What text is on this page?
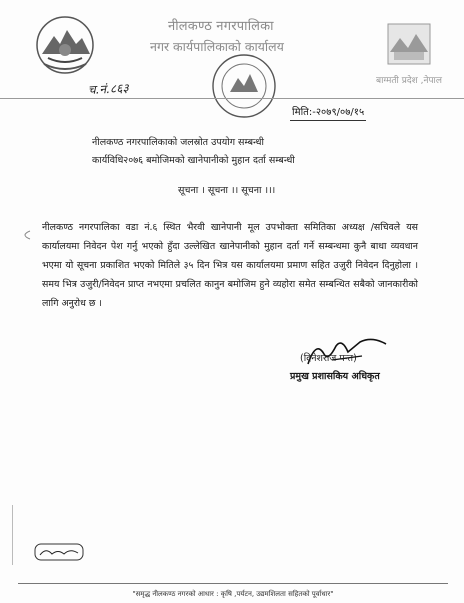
नीलकण्ठ नगरपालिका
नगर कार्यपालिकाको कार्यालय
बाग्मती प्रदेश ,नेपाल
च.नं.८६३
मिति:-२०७९/०७/१५
नीलकण्ठ नगरपालिकाको जलस्रोत उपयोग सम्बन्धी
कार्यविधि२०७६ बमोजिमको खानेपानीको मुहान दर्ता सम्बन्धी
सूचना । सूचना ।। सूचना ।।।
नीलकण्ठ नगरपालिका वडा नं.६ स्थित भैरवी खानेपानी मूल उपभोक्ता समितिका अध्यक्ष /सचिवले यस कार्यालयमा निवेदन पेश गर्नु भएको हुँदा उल्लेखित खानेपानीको मुहान दर्ता गर्ने सम्बन्धमा कुनै बाधा व्यवधान भएमा यो सूचना प्रकाशित भएको मितिले ३५ दिन भित्र यस कार्यालयमा प्रमाण सहित उजुरी निवेदन दिनुहोला । समय भित्र उजुरी/निवेदन प्राप्त नभएमा प्रचलित कानुन बमोजिम हुने व्यहोरा समेत सम्बन्धित सबैको जानकारीको लागि अनुरोध छ ।
(दिनेशराज पन्त)
प्रमुख प्रशासकिय अधिकृत
"समृद्ध नीलकण्ठ नगरको आधार : कृषि ,पर्यटन, उद्यमशिलता सहितको पूर्वाधार"
